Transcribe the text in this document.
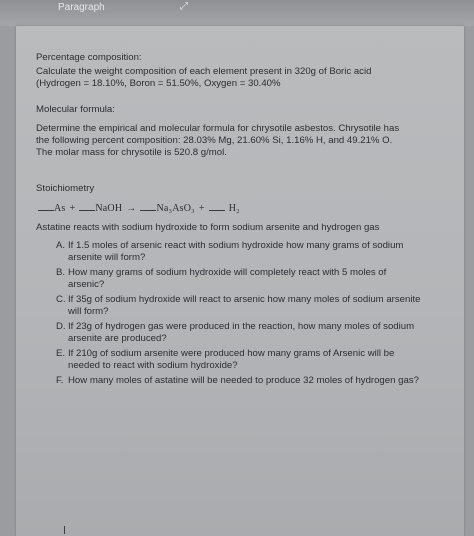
Paragraph	⤢

Percentage composition:

Calculate the weight composition of each element present in 320g of Boric acid

(Hydrogen = 18.10%, Boron = 51.50%, Oxygen = 30.40%

Molecular formula:

Determine the empirical and molecular formula for chrysotile asbestos. Chrysotile has

the following percent composition: 28.03% Mg, 21.60% Si, 1.16% H, and 49.21% O.

The molar mass for chrysotile is 520.8 g/mol.

Stoichiometry

As + NaOH → Na₃AsO₃ + H₂

Astatine reacts with sodium hydroxide to form sodium arsenite and hydrogen gas

A. If 1.5 moles of arsenic react with sodium hydroxide how many grams of sodium

arsenite will form?

B. How many grams of sodium hydroxide will completely react with 5 moles of

arsenic?

C. If 35g of sodium hydroxide will react to arsenic how many moles of sodium arsenite

will form?

D. If 23g of hydrogen gas were produced in the reaction, how many moles of sodium

arsenite are produced?

E. If 210g of sodium arsenite were produced how many grams of Arsenic will be

needed to react with sodium hydroxide?

F. How many moles of astatine will be needed to produce 32 moles of hydrogen gas?
